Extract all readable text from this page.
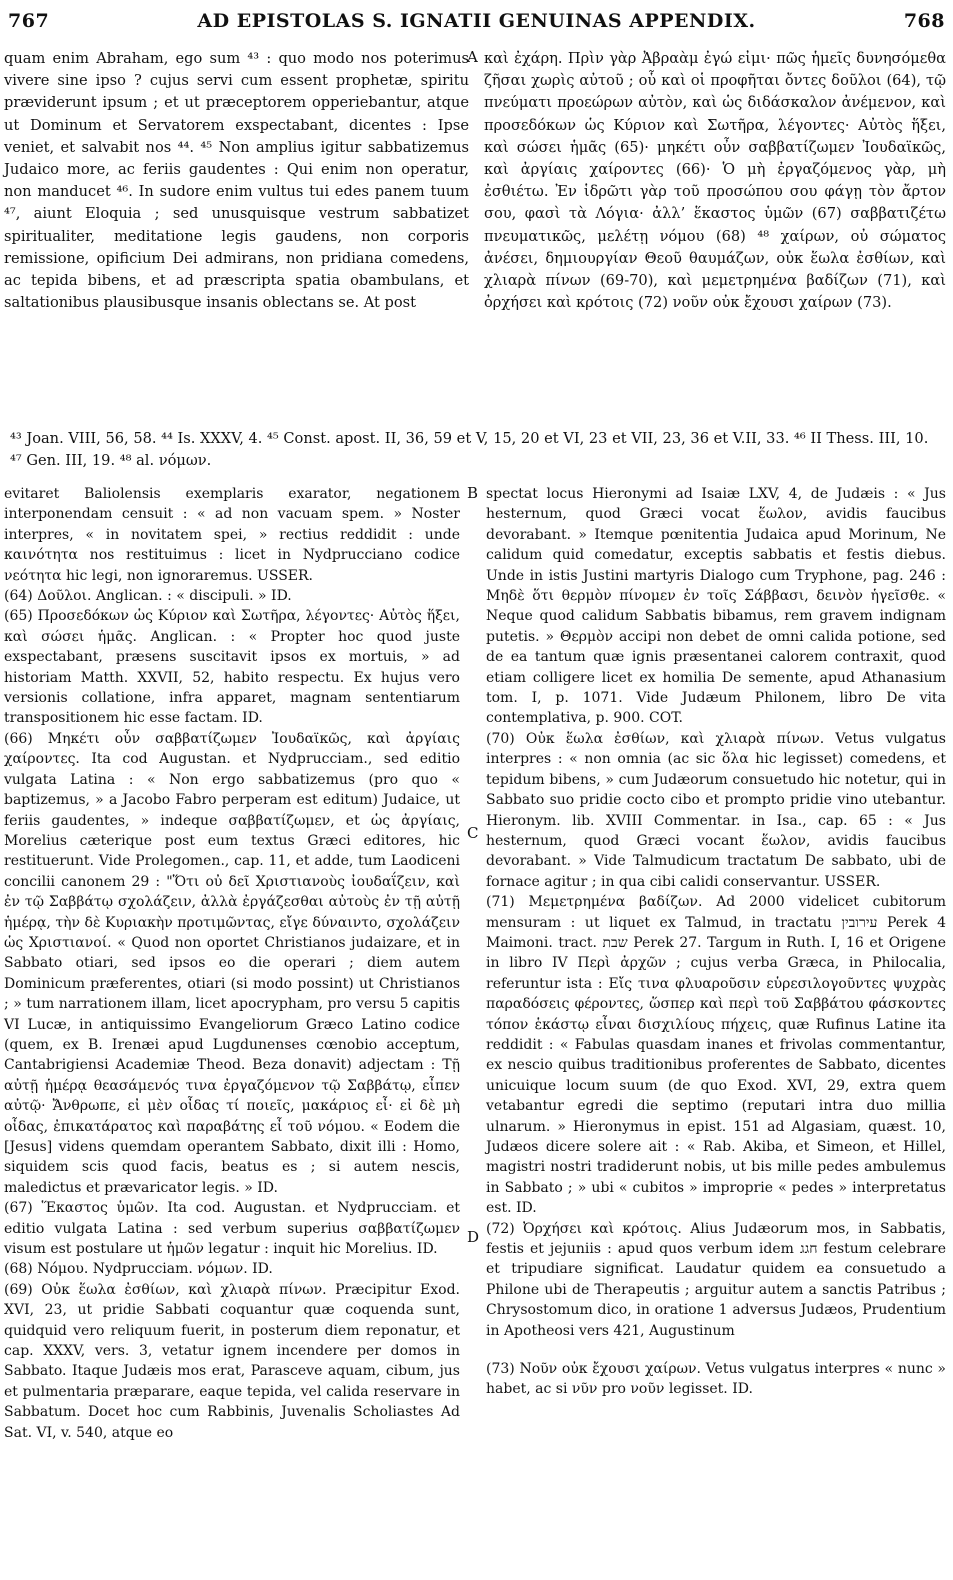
767	AD EPISTOLAS S. IGNATII GENUINAS APPENDIX.	768

quam enim Abraham, ego sum ⁴³ : quo modo nos poterimus vivere sine ipso ? cujus servi cum essent prophetæ, spiritu præviderunt ipsum ; et ut præceptorem opperiebantur, atque ut Dominum et Servatorem exspectabant, dicentes : Ipse veniet, et salvabit nos ⁴⁴. ⁴⁵ Non amplius igitur sabbatizemus Judaico more, ac feriis gaudentes : Qui enim non operatur, non manducet ⁴⁶. In sudore enim vultus tui edes panem tuum ⁴⁷, aiunt Eloquia ; sed unusquisque vestrum sabbatizet spiritualiter, meditatione legis gaudens, non corporis remissione, opificium Dei admirans, non pridiana comedens, ac tepida bibens, et ad præscripta spatia obambulans, et saltationibus plausibusque insanis oblectans se. At post

A καὶ ἐχάρη. Πρὶν γὰρ Ἀβραὰμ ἐγώ εἰμι· πῶς ἡμεῖς δυνησόμεθα ζῆσαι χωρὶς αὐτοῦ ; οὗ καὶ οἱ προφῆται ὄντες δοῦλοι (64), τῷ πνεύματι προεώρων αὐτὸν, καὶ ὡς διδάσκαλον ἀνέμενον, καὶ προσεδόκων ὡς Κύριον καὶ Σωτῆρα, λέγοντες· Αὐτὸς ἥξει, καὶ σώσει ἡμᾶς (65)· μηκέτι οὖν σαββατίζωμεν Ἰουδαϊκῶς, καὶ ἀργίαις χαίροντες (66)· Ὁ μὴ ἐργαζόμενος γὰρ, μὴ ἐσθιέτω. Ἐν ἱδρῶτι γὰρ τοῦ προσώπου σου φάγῃ τὸν ἄρτον σου, φασὶ τὰ Λόγια· ἀλλ’ ἕκαστος ὑμῶν (67) σαββατιζέτω πνευματικῶς, μελέτῃ νόμου (68) ⁴⁸ χαίρων, οὐ σώματος ἀνέσει, δημιουργίαν Θεοῦ θαυμάζων, οὐκ ἕωλα ἐσθίων, καὶ χλιαρὰ πίνων (69-70), καὶ μεμετρημένα βαδίζων (71), καὶ ὀρχήσει καὶ κρότοις (72) νοῦν οὐκ ἔχουσι χαίρων (73).

⁴³ Joan. VIII, 56, 58. ⁴⁴ Is. XXXV, 4. ⁴⁵ Const. apost. II, 36, 59 et V, 15, 20 et VI, 23 et VII, 23, 36 et V.II, 33. ⁴⁶ II Thess. III, 10. ⁴⁷ Gen. III, 19. ⁴⁸ al. νόμων.

evitaret Baliolensis exemplaris exarator, negationem interponendam censuit : « ad non vacuam spem. » Noster interpres, « in novitatem spei, » rectius reddidit : unde καινότητα nos restituimus : licet in Nydprucciano codice νεότητα hic legi, non ignoraremus. USSER.

(64) Δοῦλοι. Anglican. : « discipuli. » ID.

(65) Προσεδόκων ὡς Κύριον καὶ Σωτῆρα, λέγοντες· Αὐτὸς ἥξει, καὶ σώσει ἡμᾶς. Anglican. : « Propter hoc quod juste exspectabant, præsens suscitavit ipsos ex mortuis, » ad historiam Matth. XXVII, 52, habito respectu. Ex hujus vero versionis collatione, infra apparet, magnam sententiarum transpositionem hic esse factam. ID.

(66) Μηκέτι οὖν σαββατίζωμεν Ἰουδαϊκῶς, καὶ ἀργίαις χαίροντες. Ita cod Augustan. et Nydprucciam., sed editio vulgata Latina : « Non ergo sabbatizemus (pro quo « baptizemus, » a Jacobo Fabro perperam est editum) Judaice, ut feriis gaudentes, » indeque σαββατίζωμεν, et ὡς ἀργίαις, Morelius cæterique post eum textus Græci editores, hic restituerunt. Vide Prolegomen., cap. 11, et adde, tum Laodiceni concilii canonem 29 : "Ὅτι οὐ δεῖ Χριστιανοὺς ἰουδαΐζειν, καὶ ἐν τῷ Σαββάτῳ σχολάζειν, ἀλλὰ ἐργάζεσθαι αὐτοὺς ἐν τῇ αὐτῇ ἡμέρᾳ, τὴν δὲ Κυριακὴν προτιμῶντας, εἴγε δύναιντο, σχολάζειν ὡς Χριστιανοί. « Quod non oportet Christianos judaizare, et in Sabbato otiari, sed ipsos eo die operari ; diem autem Dominicum præferentes, otiari (si modo possint) ut Christianos ; » tum narrationem illam, licet apocrypham, pro versu 5 capitis VI Lucæ, in antiquissimo Evangeliorum Græco Latino codice (quem, ex B. Irenæi apud Lugdunenses cœnobio acceptum, Cantabrigiensi Academiæ Theod. Beza donavit) adjectam : Τῇ αὐτῇ ἡμέρᾳ θεασάμενός τινα ἐργαζόμενον τῷ Σαββάτῳ, εἶπεν αὐτῷ· Ἄνθρωπε, εἰ μὲν οἶδας τί ποιεῖς, μακάριος εἶ· εἰ δὲ μὴ οἶδας, ἐπικατάρατος καὶ παραβάτης εἶ τοῦ νόμου. « Eodem die [Jesus] videns quemdam operantem Sabbato, dixit illi : Homo, siquidem scis quod facis, beatus es ; si autem nescis, maledictus et prævaricator legis. » ID.

(67) Ἕκαστος ὑμῶν. Ita cod. Augustan. et Nydprucciam. et editio vulgata Latina : sed verbum superius σαββατίζωμεν visum est postulare ut ἡμῶν legatur : inquit hic Morelius. ID.

(68) Νόμου. Nydprucciam. νόμων. ID.

(69) Οὐκ ἕωλα ἐσθίων, καὶ χλιαρὰ πίνων. Præcipitur Exod. XVI, 23, ut pridie Sabbati coquantur quæ coquenda sunt, quidquid vero reliquum fuerit, in posterum diem reponatur, et cap. XXXV, vers. 3, vetatur ignem incendere per domos in Sabbato. Itaque Judæis mos erat, Parasceve aquam, cibum, jus et pulmentaria præparare, eaque tepida, vel calida reservare in Sabbatum. Docet hoc cum Rabbinis, Juvenalis Scholiastes Ad Sat. VI, v. 540, atque eo

B
C
D

spectat locus Hieronymi ad Isaiæ LXV, 4, de Judæis : « Jus hesternum, quod Græci vocat ἕωλον, avidis faucibus devorabant. » Itemque pœnitentia Judaica apud Morinum, Ne calidum quid comedatur, exceptis sabbatis et festis diebus. Unde in istis Justini martyris Dialogo cum Tryphone, pag. 246 : Μηδὲ ὅτι θερμὸν πίνομεν ἐν τοῖς Σάββασι, δεινὸν ἡγεῖσθε. « Neque quod calidum Sabbatis bibamus, rem gravem indignam putetis. » Θερμὸν accipi non debet de omni calida potione, sed de ea tantum quæ ignis præsentanei calorem contraxit, quod etiam colligere licet ex homilia De semente, apud Athanasium tom. I, p. 1071. Vide Judæum Philonem, libro De vita contemplativa, p. 900. COT.

(70) Οὐκ ἕωλα ἐσθίων, καὶ χλιαρὰ πίνων. Vetus vulgatus interpres : « non omnia (ac sic ὅλα hic legisset) comedens, et tepidum bibens, » cum Judæorum consuetudo hic notetur, qui in Sabbato suo pridie cocto cibo et prompto pridie vino utebantur. Hieronym. lib. XVIII Commentar. in Isa., cap. 65 : « Jus hesternum, quod Græci vocant ἕωλον, avidis faucibus devorabant. » Vide Talmudicum tractatum De sabbato, ubi de fornace agitur ; in qua cibi calidi conservantur. USSER.

(71) Μεμετρημένα βαδίζων. Ad 2000 videlicet cubitorum mensuram : ut liquet ex Talmud, in tractatu עירובין Perek 4 Maimoni. tract. שבת Perek 27. Targum in Ruth. I, 16 et Origene in libro IV Περὶ ἀρχῶν ; cujus verba Græca, in Philocalia, referuntur ista : Εἴς τινα φλυαροῦσιν εὑρεσιλογοῦντες ψυχρὰς παραδόσεις φέροντες, ὥσπερ καὶ περὶ τοῦ Σαββάτου φάσκοντες τόπον ἑκάστῳ εἶναι δισχιλίους πήχεις, quæ Rufinus Latine ita reddidit : « Fabulas quasdam inanes et frivolas commentantur, ex nescio quibus traditionibus proferentes de Sabbato, dicentes unicuique locum suum (de quo Exod. XVI, 29, extra quem vetabantur egredi die septimo (reputari intra duo millia ulnarum. » Hieronymus in epist. 151 ad Algasiam, quæst. 10, Judæos dicere solere ait : « Rab. Akiba, et Simeon, et Hillel, magistri nostri tradiderunt nobis, ut bis mille pedes ambulemus in Sabbato ; » ubi « cubitos » improprie « pedes » interpretatus est. ID.

(72) Ὀρχήσει καὶ κρότοις. Alius Judæorum mos, in Sabbatis, festis et jejuniis : apud quos verbum idem חגג festum celebrare et tripudiare significat. Laudatur quidem ea consuetudo a Philone ubi de Therapeutis ; arguitur autem a sanctis Patribus ; Chrysostomum dico, in oratione 1 adversus Judæos, Prudentium in Apotheosi vers 421, Augustinum

(73) Νοῦν οὐκ ἔχουσι χαίρων. Vetus vulgatus interpres « nunc » habet, ac si νῦν pro νοῦν legisset. ID.
